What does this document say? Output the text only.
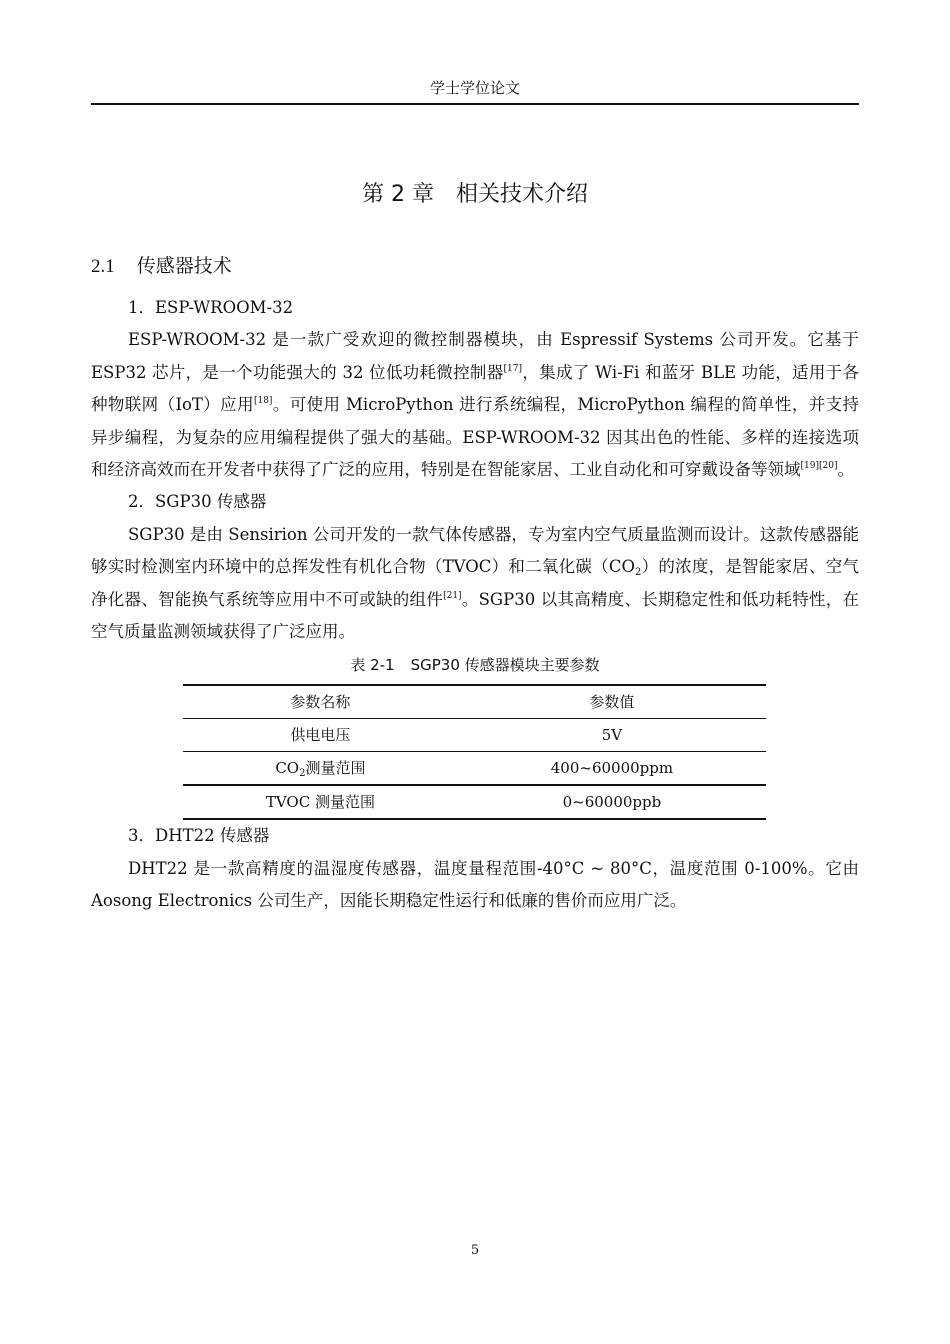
学士学位论文
第 2 章 相关技术介绍
2.1 传感器技术

1．ESP-WROOM-32

ESP-WROOM-32 是一款广受欢迎的微控制器模块，由 Espressif Systems 公司开发。它基于 ESP32 芯片，是一个功能强大的 32 位低功耗微控制器[17]，集成了 Wi-Fi 和蓝牙 BLE 功能，适用于各种物联网（IoT）应用[18]。可使用 MicroPython 进行系统编程，MicroPython 编程的简单性，并支持异步编程，为复杂的应用编程提供了强大的基础。ESP-WROOM-32 因其出色的性能、多样的连接选项和经济高效而在开发者中获得了广泛的应用，特别是在智能家居、工业自动化和可穿戴设备等领域[19][20]。

2．SGP30 传感器

SGP30 是由 Sensirion 公司开发的一款气体传感器，专为室内空气质量监测而设计。这款传感器能够实时检测室内环境中的总挥发性有机化合物（TVOC）和二氧化碳$(CO_2)$的浓度，是智能家居、空气净化器、智能换气系统等应用中不可或缺的组件[21]。SGP30 以其高精度、长期稳定性和低功耗特性，在空气质量监测领域获得了广泛应用。

表 2-1 SGP30 传感器模块主要参数
参数名称	参数值
供电电压	5V
$CO_2$测量范围	400~60000ppm
TVOC 测量范围	0~60000ppb

3．DHT22 传感器

DHT22 是一款高精度的温湿度传感器，温度量程范围-40°C ~ 80°C，温度范围 0-100%。它由 Aosong Electronics 公司生产，因能长期稳定性运行和低廉的售价而应用广泛。

5
